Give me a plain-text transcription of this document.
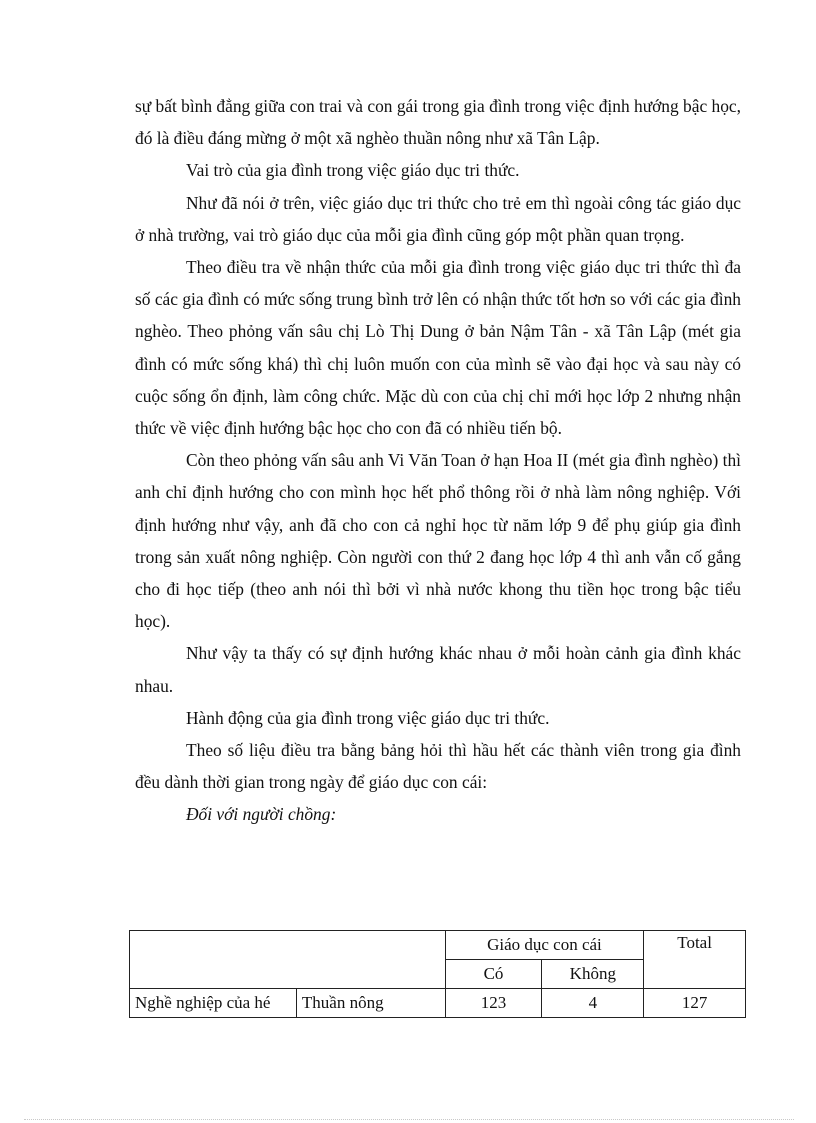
sự bất bình đẳng giữa con trai và con gái trong gia đình trong việc định hướng bậc học, đó là điều đáng mừng ở một xã nghèo thuần nông như xã Tân Lập.

Vai trò của gia đình trong việc giáo dục tri thức.

Như đã nói ở trên, việc giáo dục tri thức cho trẻ em thì ngoài công tác giáo dục ở nhà trường, vai trò giáo dục của mỗi gia đình cũng góp một phần quan trọng.

Theo điều tra về nhận thức của mỗi gia đình trong việc giáo dục tri thức thì đa số các gia đình có mức sống trung bình trở lên có nhận thức tốt hơn so với các gia đình nghèo. Theo phỏng vấn sâu chị Lò Thị Dung ở bản Nậm Tân - xã Tân Lập (mét gia đình có mức sống khá) thì chị luôn muốn con của mình sẽ vào đại học và sau này có cuộc sống ổn định, làm công chức. Mặc dù con của chị chỉ mới học lớp 2 nhưng nhận thức về việc định hướng bậc học cho con đã có nhiều tiến bộ.

Còn theo phỏng vấn sâu anh Vi Văn Toan ở hạn Hoa II (mét gia đình nghèo) thì anh chỉ định hướng cho con mình học hết phổ thông rồi ở nhà làm nông nghiệp. Với định hướng như vậy, anh đã cho con cả nghỉ học từ năm lớp 9 để phụ giúp gia đình trong sản xuất nông nghiệp. Còn người con thứ 2 đang học lớp 4 thì anh vẫn cố gắng cho đi học tiếp (theo anh nói thì bởi vì nhà nước khong thu tiền học trong bậc tiểu học).

Như vậy ta thấy có sự định hướng khác nhau ở mỗi hoàn cảnh gia đình khác nhau.

Hành động của gia đình trong việc giáo dục tri thức.

Theo số liệu điều tra bằng bảng hỏi thì hầu hết các thành viên trong gia đình đều dành thời gian trong ngày để giáo dục con cái:

Đối với người chồng:

		Giáo dục con cái		Total
		Có	Không	
Nghề nghiệp của hé	Thuần nông	123	4	127
